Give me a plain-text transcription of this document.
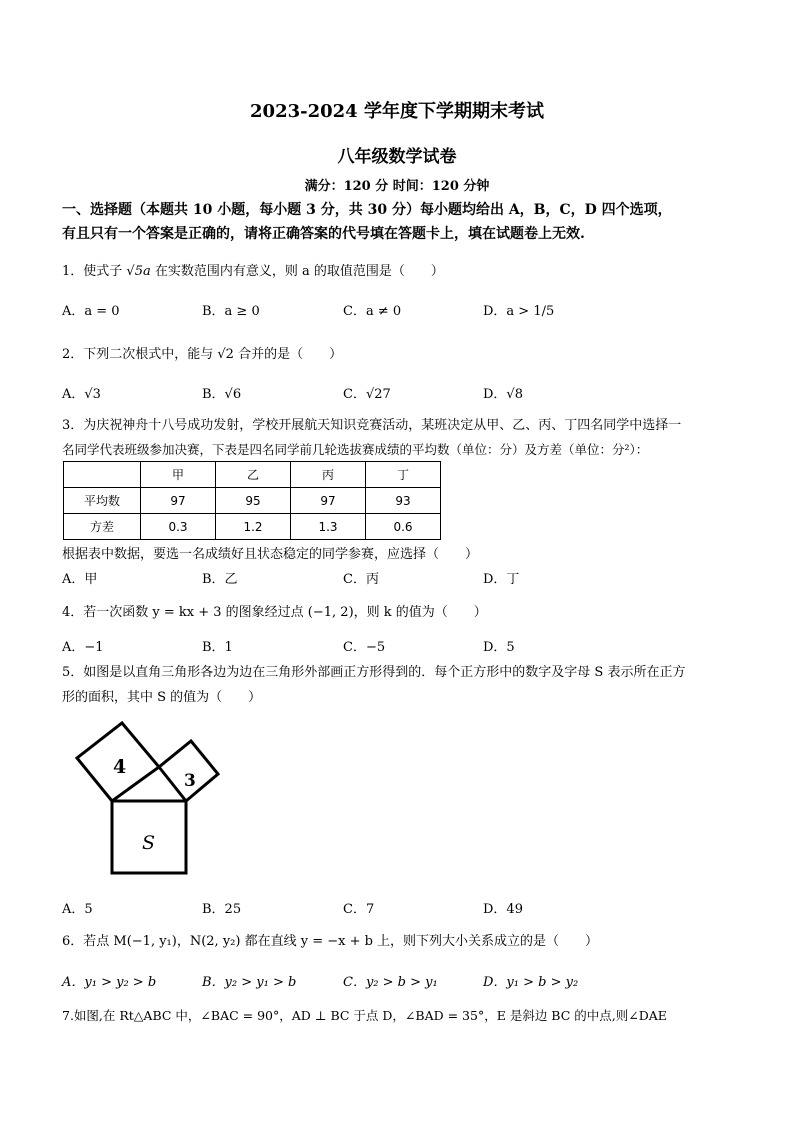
2023-2024 学年度下学期期末考试
八年级数学试卷
满分：120 分 时间：120 分钟
一、选择题（本题共 10 小题，每小题 3 分，共 30 分）每小题均给出 A，B，C，D 四个选项，
有且只有一个答案是正确的，请将正确答案的代号填在答题卡上，填在试题卷上无效.
1．使式子 √5a 在实数范围内有意义，则 a 的取值范围是（　　）
A．a = 0	B．a ≥ 0	C．a ≠ 0	D．a > 1/5
2．下列二次根式中，能与 √2 合并的是（　　）
A．√3	B．√6	C．√27	D．√8
3．为庆祝神舟十八号成功发射，学校开展航天知识竞赛活动，某班决定从甲、乙、丙、丁四名同学中选择一
名同学代表班级参加决赛，下表是四名同学前几轮选拔赛成绩的平均数（单位：分）及方差（单位：分²）：
	甲	乙	丙	丁
平均数	97	95	97	93
方差	0.3	1.2	1.3	0.6
根据表中数据，要选一名成绩好且状态稳定的同学参赛，应选择（　　）
A．甲	B．乙	C．丙	D．丁
4．若一次函数 y = kx + 3 的图象经过点 (−1, 2)，则 k 的值为（　　）
A．−1	B．1	C．−5	D．5
5．如图是以直角三角形各边为边在三角形外部画正方形得到的．每个正方形中的数字及字母 S 表示所在正方
形的面积，其中 S 的值为（　　）
4
3
S
A．5	B．25	C．7	D．49
6．若点 M(−1, y₁)，N(2, y₂) 都在直线 y = −x + b 上，则下列大小关系成立的是（　　）
A．y₁ > y₂ > b	B．y₂ > y₁ > b	C．y₂ > b > y₁	D．y₁ > b > y₂
7.如图,在 Rt△ABC 中，∠BAC = 90°，AD ⊥ BC 于点 D，∠BAD = 35°，E 是斜边 BC 的中点,则∠DAE
